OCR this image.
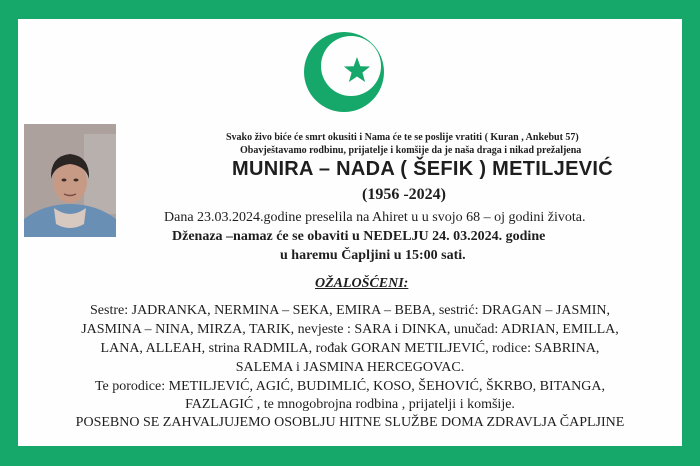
Svako živo biće će smrt okusiti i Nama će te se poslije vratiti ( Kuran , Ankebut 57)
Obavještavamo rodbinu, prijatelje i komšije da je naša draga i nikad prežaljena
MUNIRA – NADA ( ŠEFIK ) METILJEVIĆ
(1956 -2024)
Dana 23.03.2024.godine preselila na Ahiret u u svojo 68 – oj godini života.
Dženaza –namaz će se obaviti u NEDELJU 24. 03.2024. godine
u haremu Čapljini u 15:00 sati.
OŽALOŠĆENI:
Sestre: JADRANKA, NERMINA – SEKA, EMIRA – BEBA, sestrić: DRAGAN – JASMIN,
JASMINA – NINA, MIRZA, TARIK, nevjeste : SARA i DINKA, unučad: ADRIAN, EMILLA,
LANA, ALLEAH, strina RADMILA, rođak GORAN METILJEVIĆ, rodice: SABRINA,
SALEMA i JASMINA HERCEGOVAC.
Te porodice: METILJEVIĆ, AGIĆ, BUDIMLIĆ, KOSO, ŠEHOVIĆ, ŠKRBO, BITANGA,
FAZLAGIĆ , te mnogobrojna rodbina , prijatelji i komšije.
POSEBNO SE ZAHVALJUJEMO OSOBLJU HITNE SLUŽBE DOMA ZDRAVLJA ČAPLJINE
